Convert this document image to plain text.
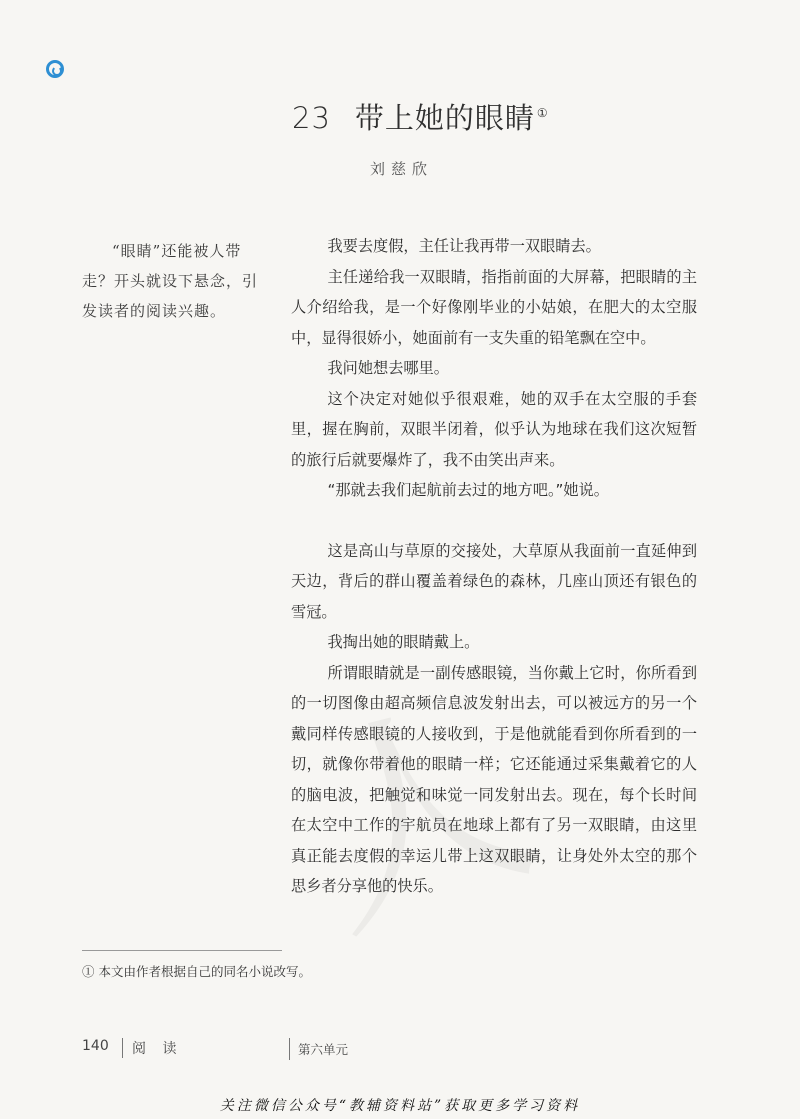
23 带上她的眼睛 ①
刘慈欣
“眼睛”还能被人带走？开头就设下悬念，引发读者的阅读兴趣。

我要去度假，主任让我再带一双眼睛去。

主任递给我一双眼睛，指指前面的大屏幕，把眼睛的主人介绍给我，是一个好像刚毕业的小姑娘，在肥大的太空服中，显得很娇小，她面前有一支失重的铅笔飘在空中。

我问她想去哪里。

这个决定对她似乎很艰难，她的双手在太空服的手套里，握在胸前，双眼半闭着，似乎认为地球在我们这次短暂的旅行后就要爆炸了，我不由笑出声来。

“那就去我们起航前去过的地方吧。”她说。

这是高山与草原的交接处，大草原从我面前一直延伸到天边，背后的群山覆盖着绿色的森林，几座山顶还有银色的雪冠。

我掏出她的眼睛戴上。

所谓眼睛就是一副传感眼镜，当你戴上它时，你所看到的一切图像由超高频信息波发射出去，可以被远方的另一个戴同样传感眼镜的人接收到，于是他就能看到你所看到的一切，就像你带着他的眼睛一样；它还能通过采集戴着它的人的脑电波，把触觉和味觉一同发射出去。现在，每个长时间在太空中工作的宇航员在地球上都有了另一双眼睛，由这里真正能去度假的幸运儿带上这双眼睛，让身处外太空的那个思乡者分享他的快乐。

① 本文由作者根据自己的同名小说改写。
140 阅 读	第六单元
关注微信公众号“教辅资料站”获取更多学习资料
